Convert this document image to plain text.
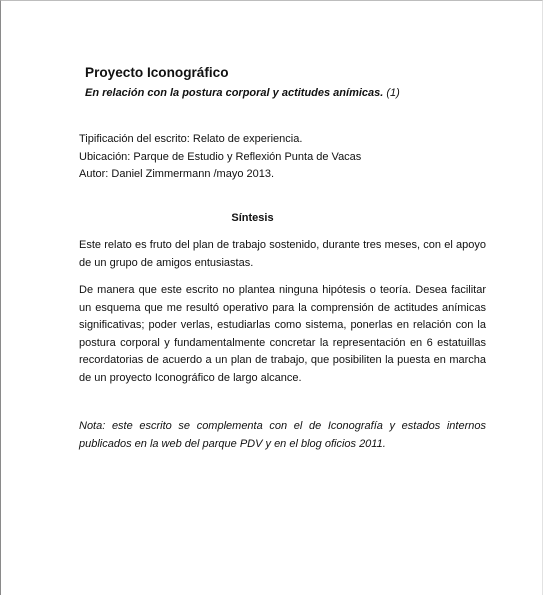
Proyecto Iconográfico
En relación con la postura corporal y actitudes anímicas. (1)
Tipificación del escrito: Relato de experiencia.
Ubicación: Parque de Estudio y Reflexión Punta de Vacas
Autor: Daniel Zimmermann /mayo 2013.
Síntesis

Este relato es fruto del plan de trabajo sostenido, durante tres meses, con el apoyo de un grupo de amigos entusiastas.

De manera que este escrito no plantea ninguna hipótesis o teoría. Desea facilitar un esquema que me resultó operativo para la comprensión de actitudes anímicas significativas; poder verlas, estudiarlas como sistema, ponerlas en relación con la postura corporal y fundamentalmente concretar la representación en 6 estatuillas recordatorias de acuerdo a un plan de trabajo, que posibiliten la puesta en marcha de un proyecto Iconográfico de largo alcance.

Nota: este escrito se complementa con el de Iconografía y estados internos publicados en la web del parque PDV y en el blog oficios 2011.
